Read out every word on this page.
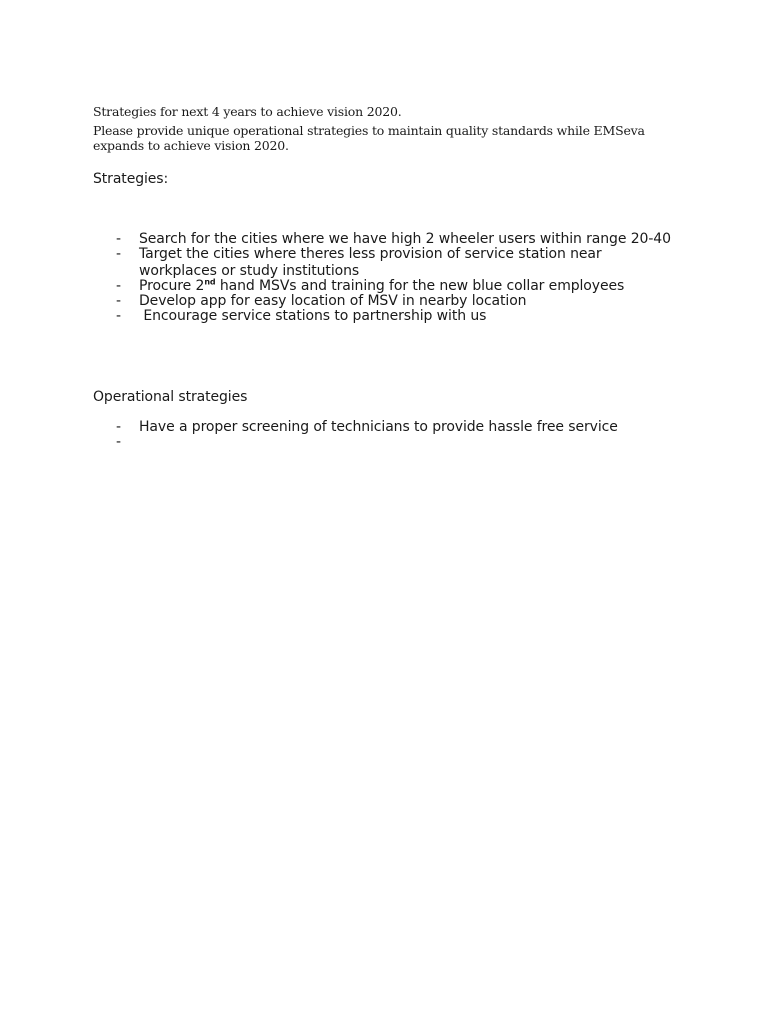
Strategies for next 4 years to achieve vision 2020.
Please provide unique operational strategies to maintain quality standards while EMSeva expands to achieve vision 2020.
Strategies:
-	Search for the cities where we have high 2 wheeler users within range 20-40
-	Target the cities where theres less provision of service station near workplaces or study institutions
-	Procure 2nd hand MSVs and training for the new blue collar employees
-	Develop app for easy location of MSV in nearby location
-	Encourage service stations to partnership with us
Operational strategies
-	Have a proper screening of technicians to provide hassle free service
-
